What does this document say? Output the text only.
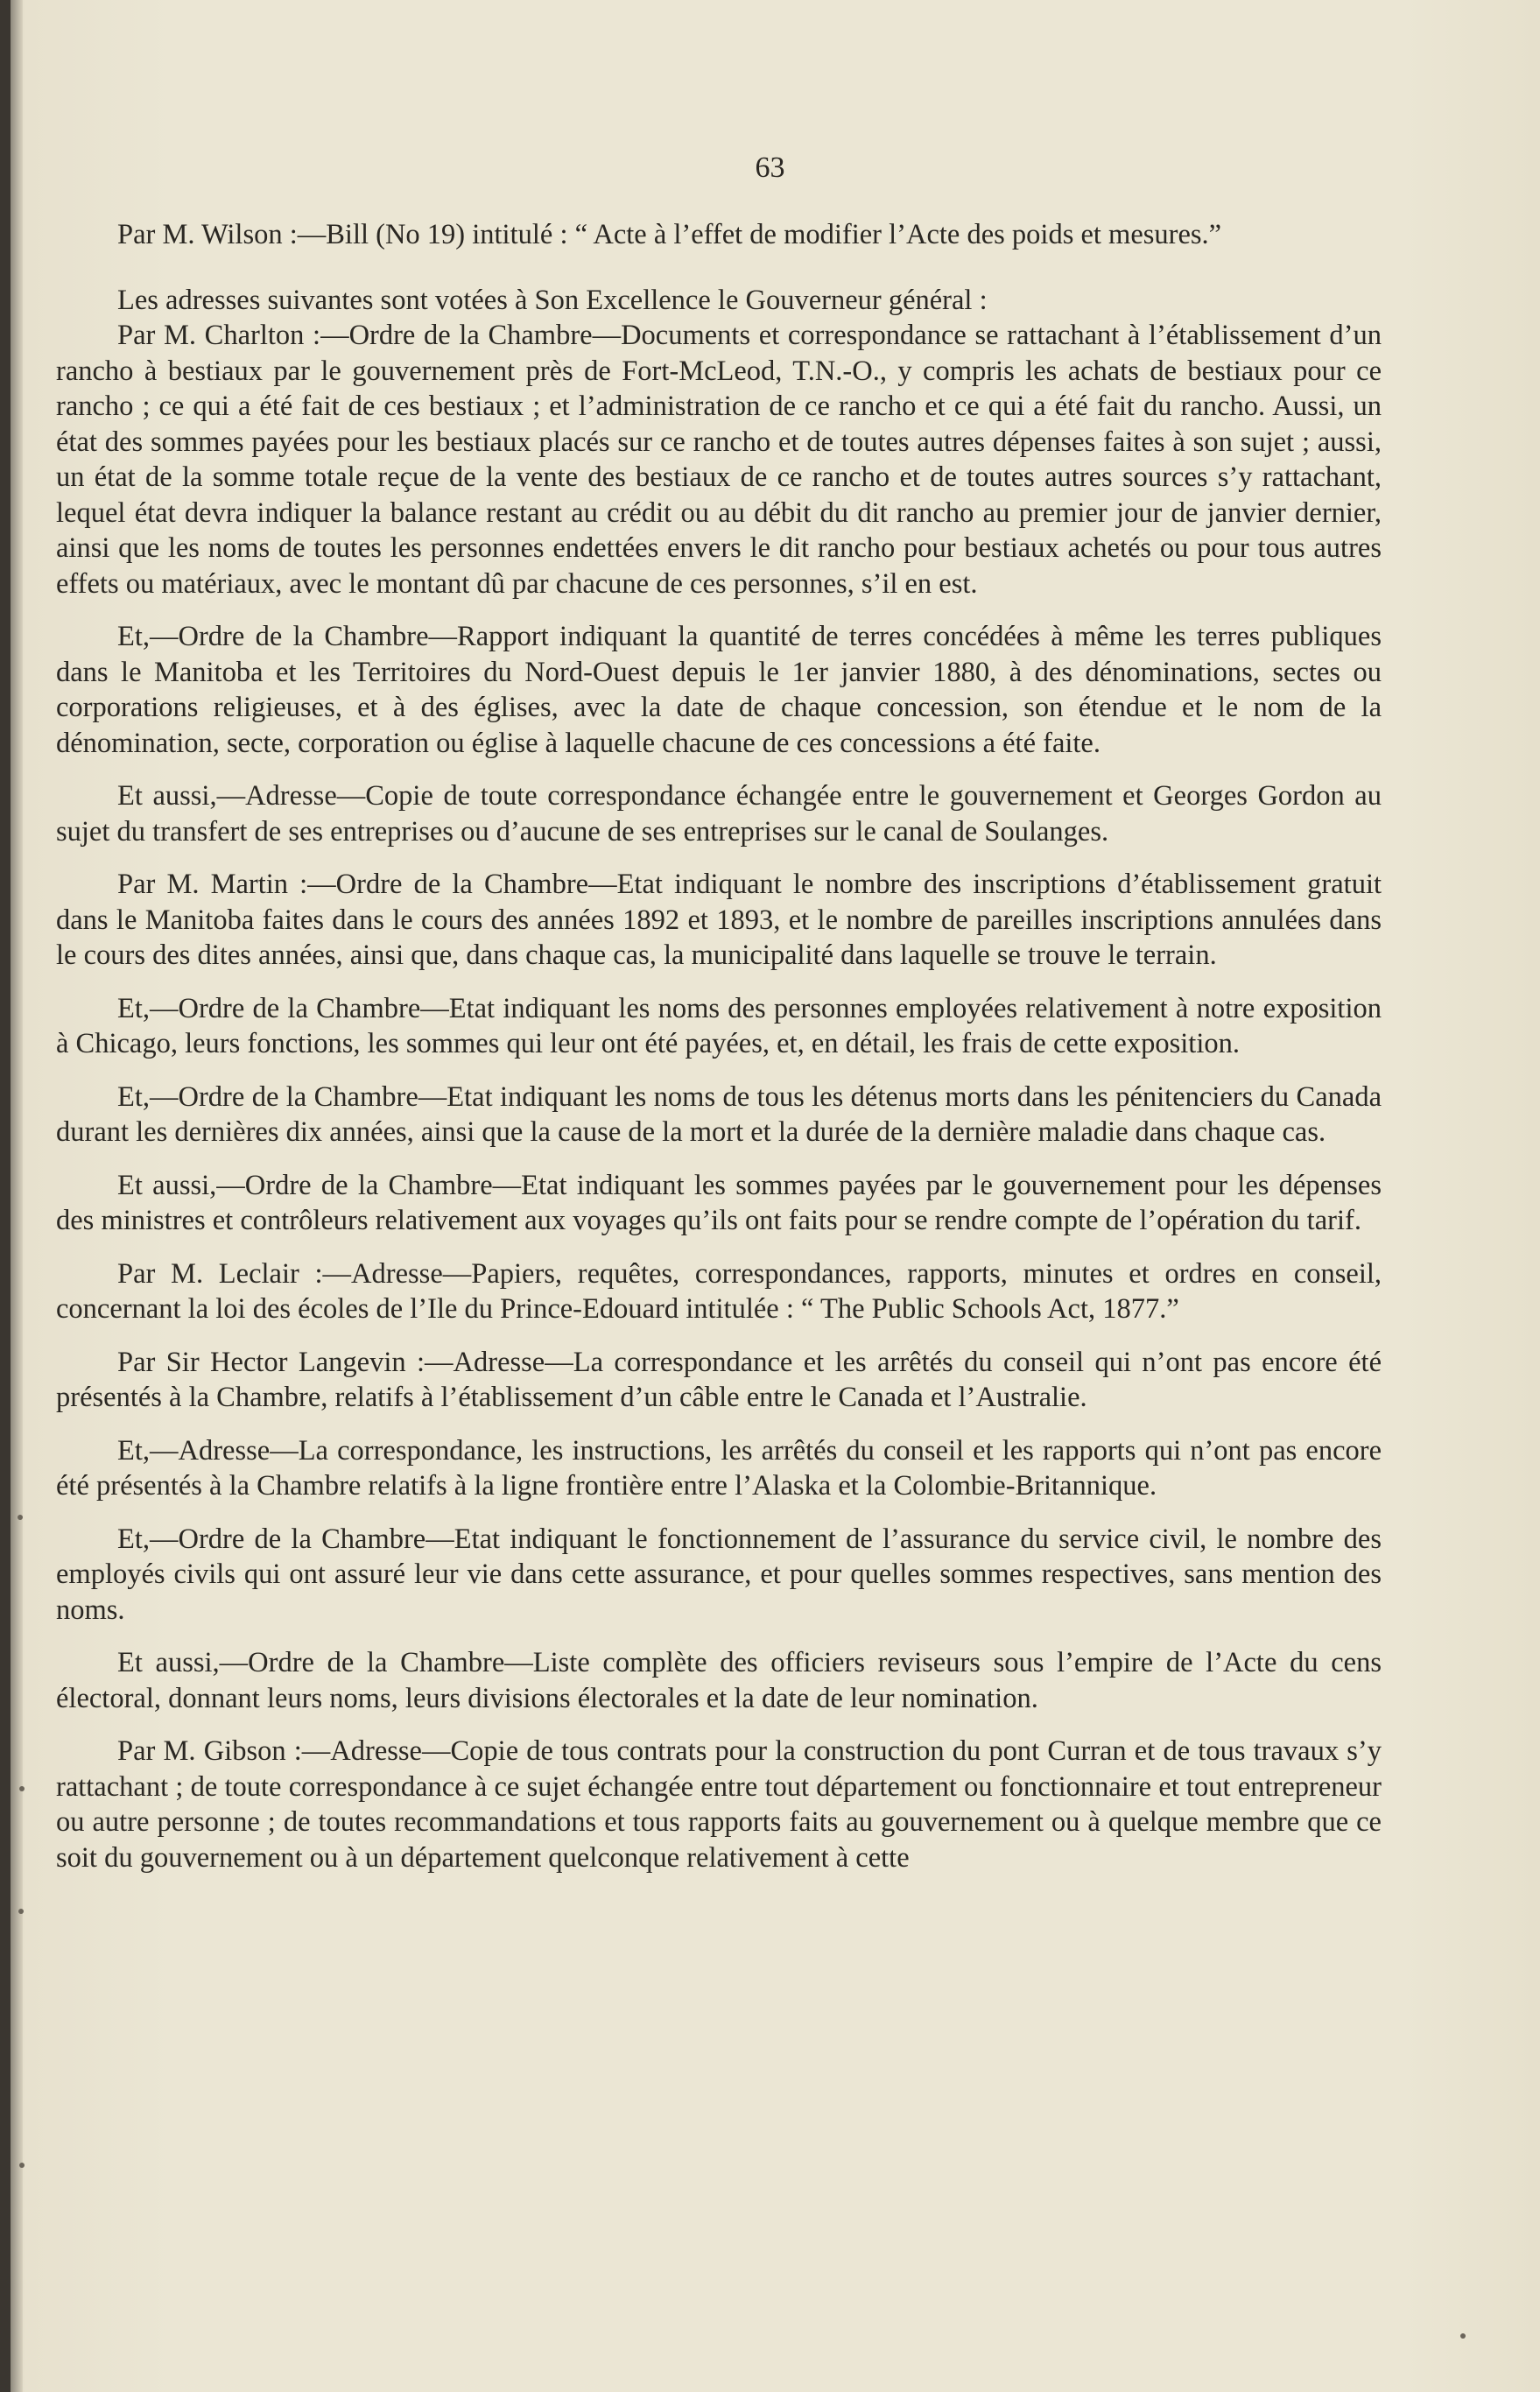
63

Par M. Wilson :—Bill (No 19) intitulé : “ Acte à l’effet de modifier l’Acte des poids et mesures.”

Les adresses suivantes sont votées à Son Excellence le Gouverneur général :

Par M. Charlton :—Ordre de la Chambre—Documents et correspondance se rattachant à l’établissement d’un rancho à bestiaux par le gouvernement près de Fort-McLeod, T.N.-O., y compris les achats de bestiaux pour ce rancho ; ce qui a été fait de ces bestiaux ; et l’administration de ce rancho et ce qui a été fait du rancho. Aussi, un état des sommes payées pour les bestiaux placés sur ce rancho et de toutes autres dépenses faites à son sujet ; aussi, un état de la somme totale reçue de la vente des bestiaux de ce rancho et de toutes autres sources s’y rattachant, lequel état devra indiquer la balance restant au crédit ou au débit du dit rancho au premier jour de janvier dernier, ainsi que les noms de toutes les personnes endettées envers le dit rancho pour bestiaux achetés ou pour tous autres effets ou matériaux, avec le montant dû par chacune de ces personnes, s’il en est.

Et,—Ordre de la Chambre—Rapport indiquant la quantité de terres concédées à même les terres publiques dans le Manitoba et les Territoires du Nord-Ouest depuis le 1er janvier 1880, à des dénominations, sectes ou corporations religieuses, et à des églises, avec la date de chaque concession, son étendue et le nom de la dénomination, secte, corporation ou église à laquelle chacune de ces concessions a été faite.

Et aussi,—Adresse—Copie de toute correspondance échangée entre le gouvernement et Georges Gordon au sujet du transfert de ses entreprises ou d’aucune de ses entreprises sur le canal de Soulanges.

Par M. Martin :—Ordre de la Chambre—Etat indiquant le nombre des inscriptions d’établissement gratuit dans le Manitoba faites dans le cours des années 1892 et 1893, et le nombre de pareilles inscriptions annulées dans le cours des dites années, ainsi que, dans chaque cas, la municipalité dans laquelle se trouve le terrain.

Et,—Ordre de la Chambre—Etat indiquant les noms des personnes employées relativement à notre exposition à Chicago, leurs fonctions, les sommes qui leur ont été payées, et, en détail, les frais de cette exposition.

Et,—Ordre de la Chambre—Etat indiquant les noms de tous les détenus morts dans les pénitenciers du Canada durant les dernières dix années, ainsi que la cause de la mort et la durée de la dernière maladie dans chaque cas.

Et aussi,—Ordre de la Chambre—Etat indiquant les sommes payées par le gouvernement pour les dépenses des ministres et contrôleurs relativement aux voyages qu’ils ont faits pour se rendre compte de l’opération du tarif.

Par M. Leclair :—Adresse—Papiers, requêtes, correspondances, rapports, minutes et ordres en conseil, concernant la loi des écoles de l’Ile du Prince-Edouard intitulée : “ The Public Schools Act, 1877.”

Par Sir Hector Langevin :—Adresse—La correspondance et les arrêtés du conseil qui n’ont pas encore été présentés à la Chambre, relatifs à l’établissement d’un câble entre le Canada et l’Australie.

Et,—Adresse—La correspondance, les instructions, les arrêtés du conseil et les rapports qui n’ont pas encore été présentés à la Chambre relatifs à la ligne frontière entre l’Alaska et la Colombie-Britannique.

Et,—Ordre de la Chambre—Etat indiquant le fonctionnement de l’assurance du service civil, le nombre des employés civils qui ont assuré leur vie dans cette assurance, et pour quelles sommes respectives, sans mention des noms.

Et aussi,—Ordre de la Chambre—Liste complète des officiers reviseurs sous l’empire de l’Acte du cens électoral, donnant leurs noms, leurs divisions électorales et la date de leur nomination.

Par M. Gibson :—Adresse—Copie de tous contrats pour la construction du pont Curran et de tous travaux s’y rattachant ; de toute correspondance à ce sujet échangée entre tout département ou fonctionnaire et tout entrepreneur ou autre personne ; de toutes recommandations et tous rapports faits au gouvernement ou à quelque membre que ce soit du gouvernement ou à un département quelconque relativement à cette
